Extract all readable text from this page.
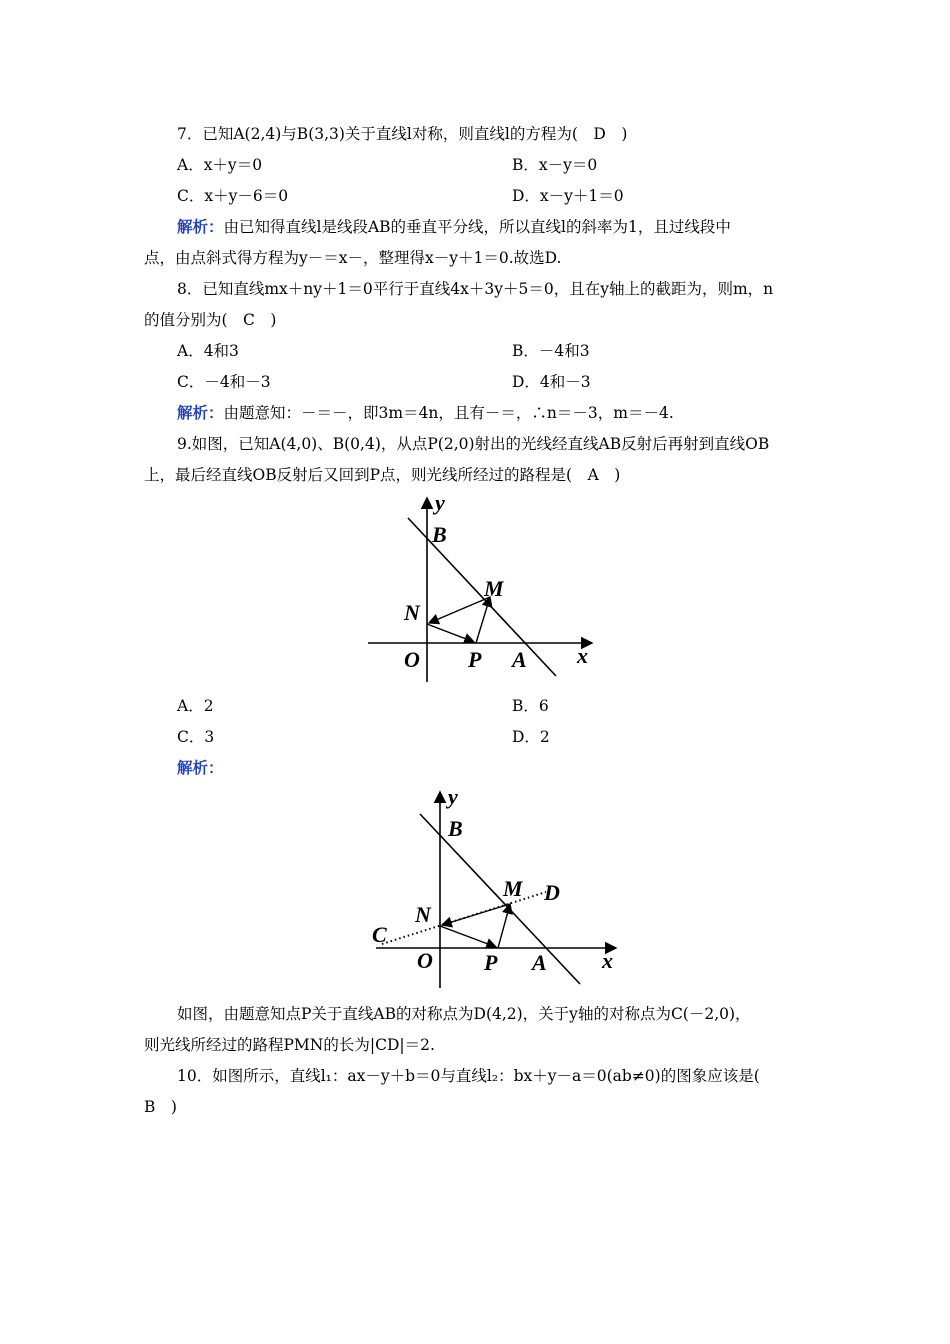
7．已知A(2,4)与B(3,3)关于直线l对称，则直线l的方程为(　D　)
A．x＋y＝0	B．x－y＝0
C．x＋y－6＝0	D．x－y＋1＝0
解析：由已知得直线l是线段AB的垂直平分线，所以直线l的斜率为1，且过线段中
点，由点斜式得方程为y－＝x－，整理得x－y＋1＝0.故选D.
8．已知直线mx＋ny＋1＝0平行于直线4x＋3y＋5＝0，且在y轴上的截距为，则m，n
的值分别为(　C　)
A．4和3	B．－4和3
C．－4和－3	D．4和－3
解析：由题意知：－＝－，即3m＝4n，且有－＝，∴n＝－3，m＝－4.
9.如图，已知A(4,0)、B(0,4)，从点P(2,0)射出的光线经直线AB反射后再射到直线OB
上，最后经直线OB反射后又回到P点，则光线所经过的路程是(　A　)
y
B
M
N
O P A x
A．2	B．6
C．3	D．2
解析：
y
B
M D
N
C
O P A	x
如图，由题意知点P关于直线AB的对称点为D(4,2)，关于y轴的对称点为C(－2,0)，
则光线所经过的路程PMN的长为|CD|＝2.
10．如图所示，直线l₁：ax－y＋b＝0与直线l₂：bx＋y－a＝0(ab≠0)的图象应该是(
B　)
